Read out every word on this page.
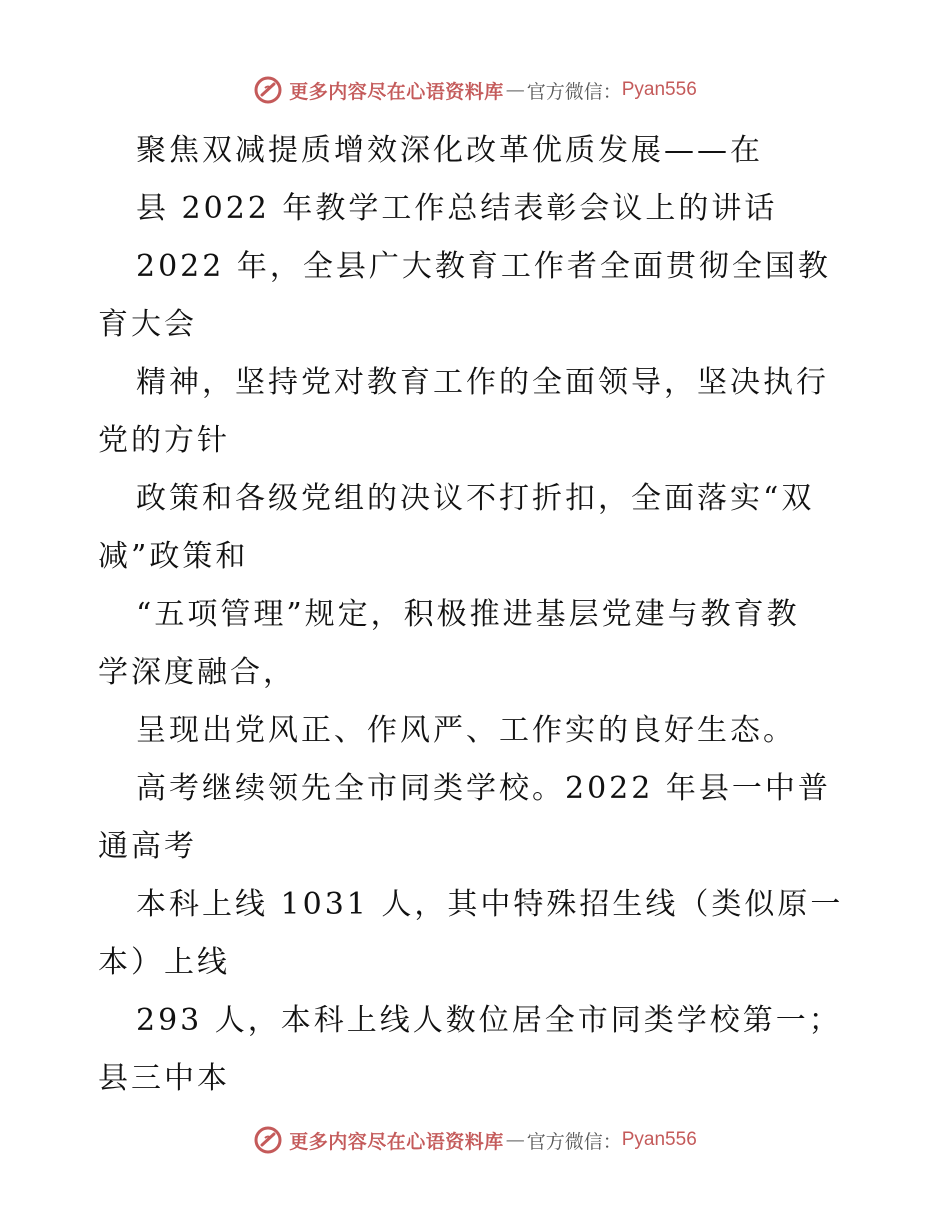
更多内容尽在心语资料库 — 官方微信： Pyan556
聚焦双减提质增效深化改革优质发展——在
县 2022 年教学工作总结表彰会议上的讲话
2022 年，全县广大教育工作者全面贯彻全国教
育大会
精神，坚持党对教育工作的全面领导，坚决执行
党的方针
政策和各级党组的决议不打折扣，全面落实“双
减”政策和
“五项管理”规定，积极推进基层党建与教育教
学深度融合，
呈现出党风正、作风严、工作实的良好生态。
高考继续领先全市同类学校。2022 年县一中普
通高考
本科上线 1031 人，其中特殊招生线（类似原一
本）上线
293 人，本科上线人数位居全市同类学校第一；
县三中本
更多内容尽在心语资料库 — 官方微信： Pyan556
